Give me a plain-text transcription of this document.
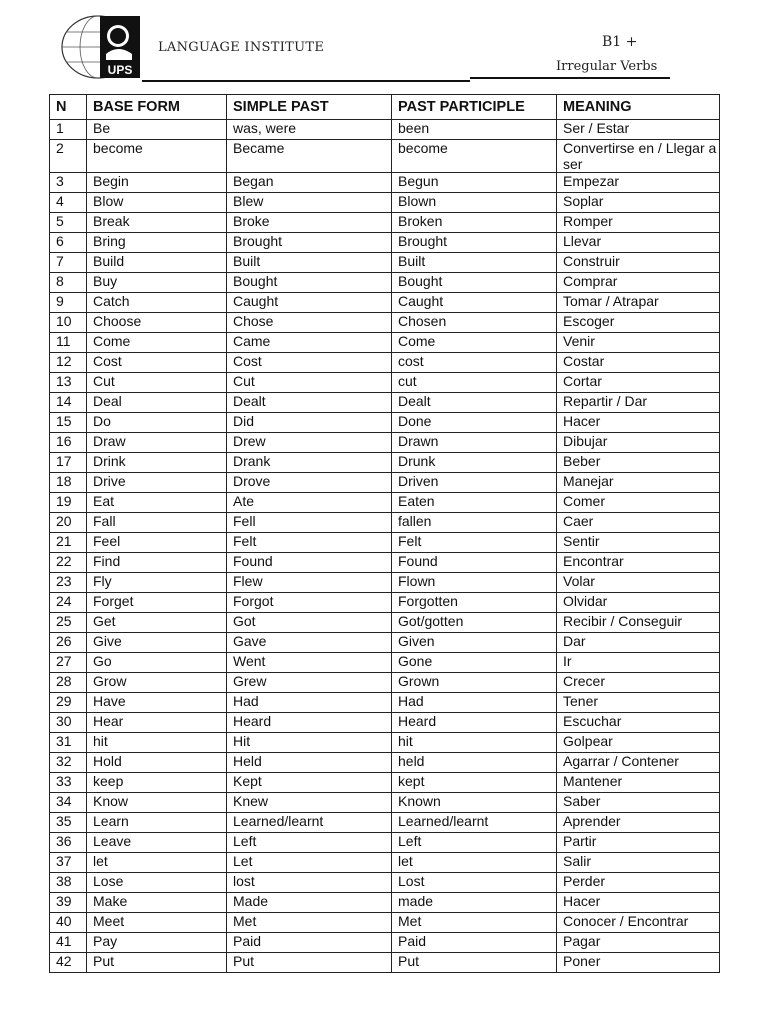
UPS
LANGUAGE INSTITUTE	B1 +
Irregular Verbs
N	BASE FORM	SIMPLE PAST	PAST PARTICIPLE	MEANING
1	Be	was, were	been	Ser / Estar
2	become	Became	become	Convertirse en / Llegar a ser
3	Begin	Began	Begun	Empezar
4	Blow	Blew	Blown	Soplar
5	Break	Broke	Broken	Romper
6	Bring	Brought	Brought	Llevar
7	Build	Built	Built	Construir
8	Buy	Bought	Bought	Comprar
9	Catch	Caught	Caught	Tomar / Atrapar
10	Choose	Chose	Chosen	Escoger
11	Come	Came	Come	Venir
12	Cost	Cost	cost	Costar
13	Cut	Cut	cut	Cortar
14	Deal	Dealt	Dealt	Repartir / Dar
15	Do	Did	Done	Hacer
16	Draw	Drew	Drawn	Dibujar
17	Drink	Drank	Drunk	Beber
18	Drive	Drove	Driven	Manejar
19	Eat	Ate	Eaten	Comer
20	Fall	Fell	fallen	Caer
21	Feel	Felt	Felt	Sentir
22	Find	Found	Found	Encontrar
23	Fly	Flew	Flown	Volar
24	Forget	Forgot	Forgotten	Olvidar
25	Get	Got	Got/gotten	Recibir / Conseguir
26	Give	Gave	Given	Dar
27	Go	Went	Gone	Ir
28	Grow	Grew	Grown	Crecer
29	Have	Had	Had	Tener
30	Hear	Heard	Heard	Escuchar
31	hit	Hit	hit	Golpear
32	Hold	Held	held	Agarrar / Contener
33	keep	Kept	kept	Mantener
34	Know	Knew	Known	Saber
35	Learn	Learned/learnt	Learned/learnt	Aprender
36	Leave	Left	Left	Partir
37	let	Let	let	Salir
38	Lose	lost	Lost	Perder
39	Make	Made	made	Hacer
40	Meet	Met	Met	Conocer / Encontrar
41	Pay	Paid	Paid	Pagar
42	Put	Put	Put	Poner
